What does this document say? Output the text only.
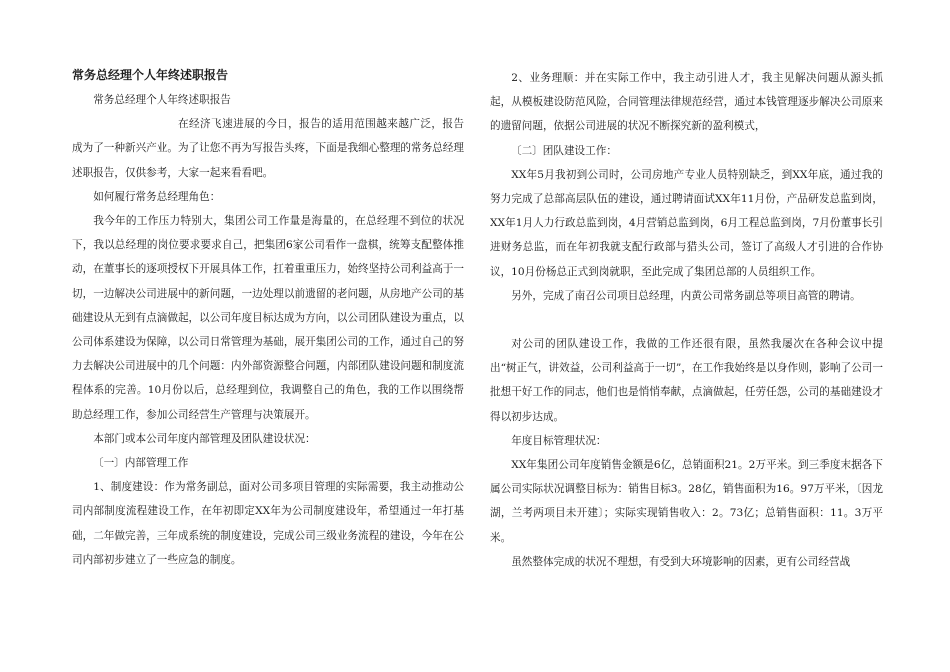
常务总经理个人年终述职报告

常务总经理个人年终述职报告

在经济飞速进展的今日，报告的适用范围越来越广泛，报告成为了一种新兴产业。为了让您不再为写报告头疼，下面是我细心整理的常务总经理述职报告，仅供参考，大家一起来看看吧。

如何履行常务总经理角色：

我今年的工作压力特别大，集团公司工作量是海量的，在总经理不到位的状况下，我以总经理的岗位要求要求自己，把集团6家公司看作一盘棋，统筹支配整体推动，在董事长的逐项授权下开展具体工作，扛着重重压力，始终坚持公司利益高于一切，一边解决公司进展中的新问题，一边处理以前遗留的老问题，从房地产公司的基础建设从无到有点滴做起，以公司年度目标达成为方向，以公司团队建设为重点，以公司体系建设为保障，以公司日常管理为基础，展开集团公司的工作，通过自己的努力去解决公司进展中的几个问题：内外部资源整合问题，内部团队建设问题和制度流程体系的完善。10月份以后，总经理到位，我调整自己的角色，我的工作以围绕帮助总经理工作，参加公司经营生产管理与决策展开。

本部门或本公司年度内部管理及团队建设状况：

〔一〕内部管理工作

1、制度建设：作为常务副总，面对公司多项目管理的实际需要，我主动推动公司内部制度流程建设工作，在年初即定XX年为公司制度建设年，希望通过一年打基础，二年做完善，三年成系统的制度建设，完成公司三级业务流程的建设，今年在公司内部初步建立了一些应急的制度。

2、业务理顺：并在实际工作中，我主动引进人才，我主见解决问题从源头抓起，从模板建设防范风险，合同管理法律规范经营，通过本钱管理逐步解决公司原来的遗留问题，依据公司进展的状况不断探究新的盈利模式，

〔二〕团队建设工作：

XX年5月我初到公司时，公司房地产专业人员特别缺乏，到XX年底，通过我的努力完成了总部高层队伍的建设，通过聘请面试XX年11月份，产品研发总监到岗，XX年1月人力行政总监到岗，4月营销总监到岗，6月工程总监到岗，7月份董事长引进财务总监，而在年初我就支配行政部与猎头公司，签订了高级人才引进的合作协议，10月份杨总正式到岗就职，至此完成了集团总部的人员组织工作。

另外，完成了南召公司项目总经理，内黄公司常务副总等项目高管的聘请。

对公司的团队建设工作，我做的工作还很有限，虽然我屡次在各种会议中提出“树正气，讲效益，公司利益高于一切”，在工作我始终是以身作则，影响了公司一批想干好工作的同志，他们也是悄悄奉献，点滴做起，任劳任怨，公司的基础建设才得以初步达成。

年度目标管理状况：

XX年集团公司年度销售金额是6亿，总销面积21。2万平米。到三季度末据各下属公司实际状况调整目标为：销售目标3。28亿，销售面积为16。97万平米，〔因龙湖，兰考两项目未开建〕；实际实现销售收入：2。73亿；总销售面积：11。3万平米。

虽然整体完成的状况不理想，有受到大环境影响的因素，更有公司经营战
